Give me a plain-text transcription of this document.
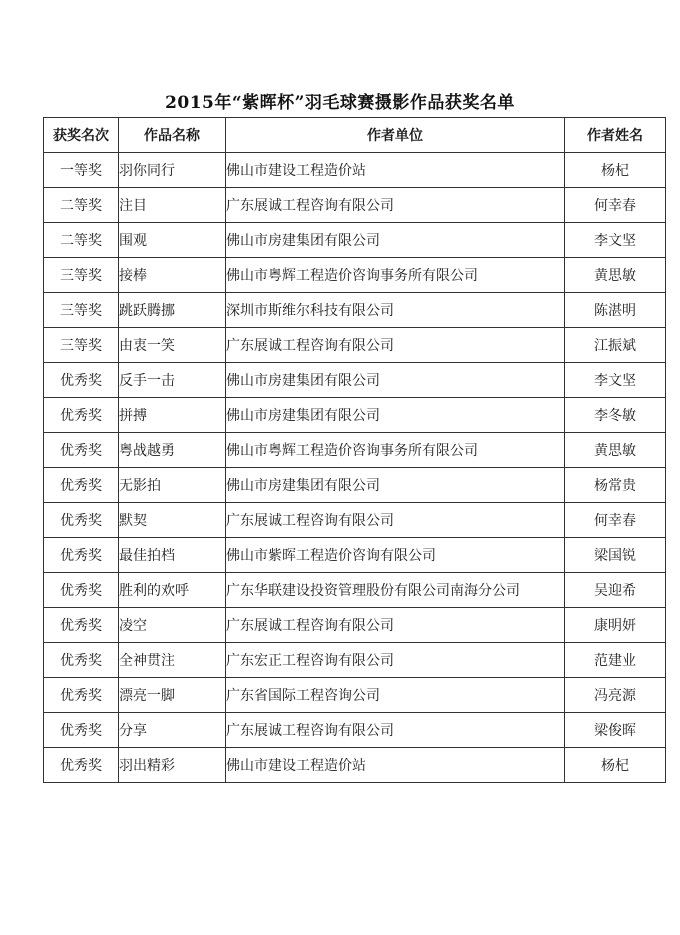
2015年“紫晖杯”羽毛球赛摄影作品获奖名单
获奖名次	作品名称	作者单位	作者姓名
一等奖	羽你同行	佛山市建设工程造价站	杨杞
二等奖	注目	广东展诚工程咨询有限公司	何幸春
二等奖	围观	佛山市房建集团有限公司	李文坚
三等奖	接棒	佛山市粤辉工程造价咨询事务所有限公司	黄思敏
三等奖	跳跃腾挪	深圳市斯维尔科技有限公司	陈湛明
三等奖	由衷一笑	广东展诚工程咨询有限公司	江振斌
优秀奖	反手一击	佛山市房建集团有限公司	李文坚
优秀奖	拼搏	佛山市房建集团有限公司	李冬敏
优秀奖	粤战越勇	佛山市粤辉工程造价咨询事务所有限公司	黄思敏
优秀奖	无影拍	佛山市房建集团有限公司	杨常贵
优秀奖	默契	广东展诚工程咨询有限公司	何幸春
优秀奖	最佳拍档	佛山市紫晖工程造价咨询有限公司	梁国锐
优秀奖	胜利的欢呼	广东华联建设投资管理股份有限公司南海分公司	吴迎希
优秀奖	凌空	广东展诚工程咨询有限公司	康明妍
优秀奖	全神贯注	广东宏正工程咨询有限公司	范建业
优秀奖	漂亮一脚	广东省国际工程咨询公司	冯亮源
优秀奖	分享	广东展诚工程咨询有限公司	梁俊晖
优秀奖	羽出精彩	佛山市建设工程造价站	杨杞
